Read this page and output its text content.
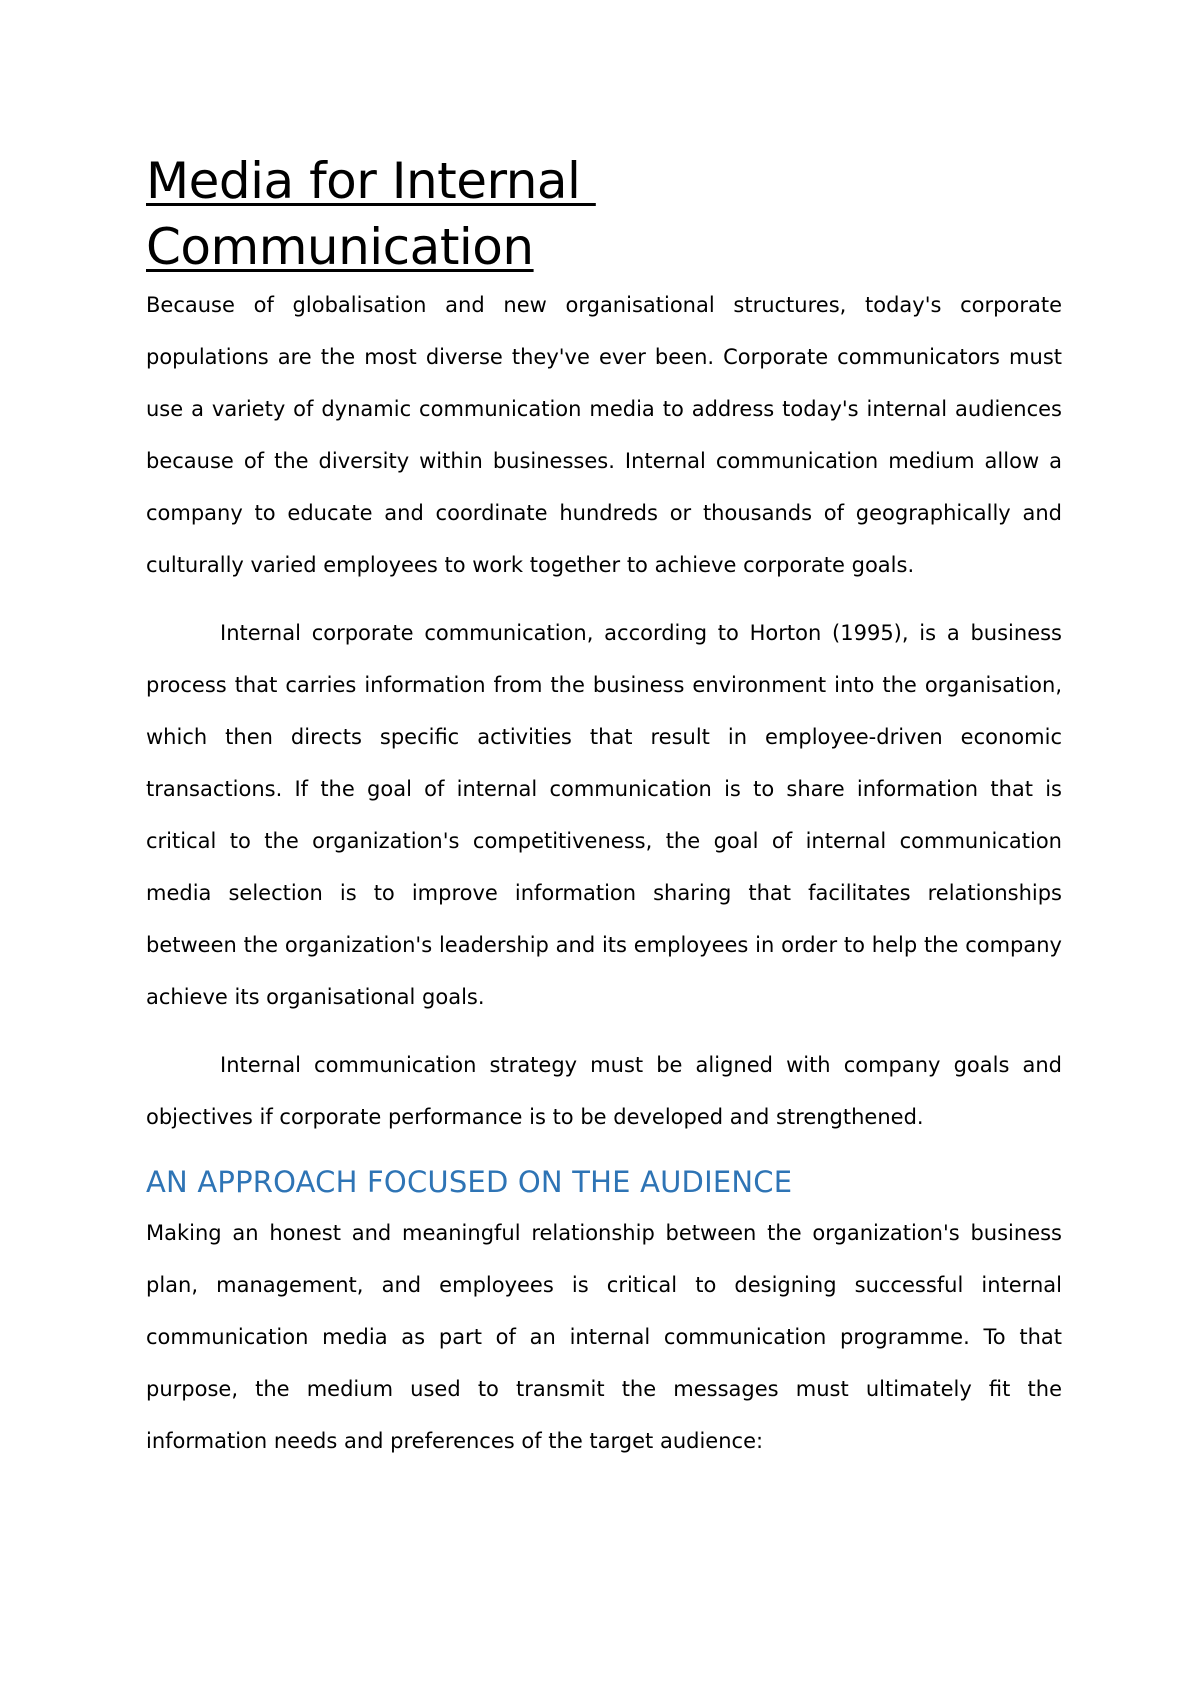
Media for Internal
Communication

Because of globalisation and new organisational structures, today's corporate populations are the most diverse they've ever been. Corporate communicators must use a variety of dynamic communication media to address today's internal audiences because of the diversity within businesses. Internal communication medium allow a company to educate and coordinate hundreds or thousands of geographically and culturally varied employees to work together to achieve corporate goals.

Internal corporate communication, according to Horton (1995), is a business process that carries information from the business environment into the organisation, which then directs specific activities that result in employee-driven economic transactions. If the goal of internal communication is to share information that is critical to the organization's competitiveness, the goal of internal communication media selection is to improve information sharing that facilitates relationships between the organization's leadership and its employees in order to help the company achieve its organisational goals.

Internal communication strategy must be aligned with company goals and objectives if corporate performance is to be developed and strengthened.

AN APPROACH FOCUSED ON THE AUDIENCE

Making an honest and meaningful relationship between the organization's business plan, management, and employees is critical to designing successful internal communication media as part of an internal communication programme. To that purpose, the medium used to transmit the messages must ultimately fit the information needs and preferences of the target audience:
